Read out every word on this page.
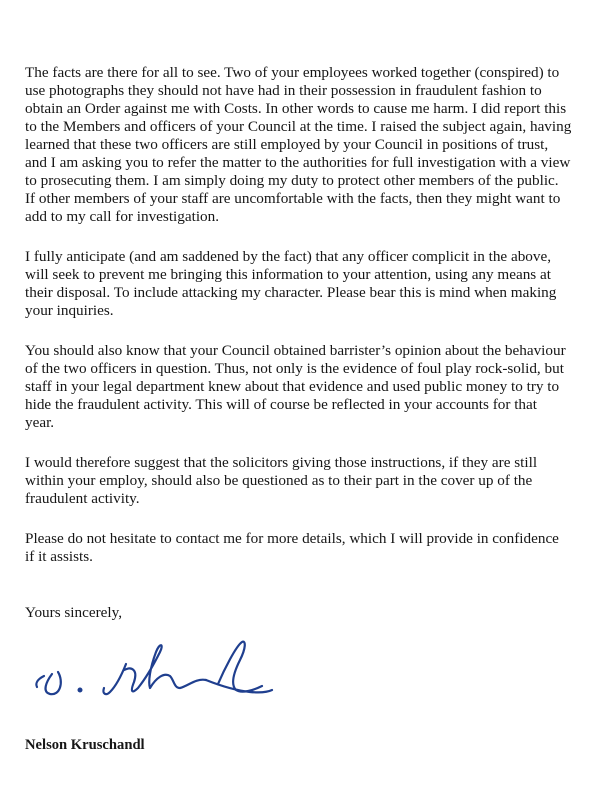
The facts are there for all to see. Two of your employees worked together (conspired) to
use photographs they should not have had in their possession in fraudulent fashion to
obtain an Order against me with Costs. In other words to cause me harm. I did report this
to the Members and officers of your Council at the time. I raised the subject again, having
learned that these two officers are still employed by your Council in positions of trust,
and I am asking you to refer the matter to the authorities for full investigation with a view
to prosecuting them. I am simply doing my duty to protect other members of the public.
If other members of your staff are uncomfortable with the facts, then they might want to
add to my call for investigation.

I fully anticipate (and am saddened by the fact) that any officer complicit in the above,
will seek to prevent me bringing this information to your attention, using any means at
their disposal. To include attacking my character. Please bear this is mind when making
your inquiries.

You should also know that your Council obtained barrister’s opinion about the behaviour
of the two officers in question. Thus, not only is the evidence of foul play rock-solid, but
staff in your legal department knew about that evidence and used public money to try to
hide the fraudulent activity. This will of course be reflected in your accounts for that
year.

I would therefore suggest that the solicitors giving those instructions, if they are still
within your employ, should also be questioned as to their part in the cover up of the
fraudulent activity.

Please do not hesitate to contact me for more details, which I will provide in confidence
if it assists.

Yours sincerely,

Nelson Kruschandl
